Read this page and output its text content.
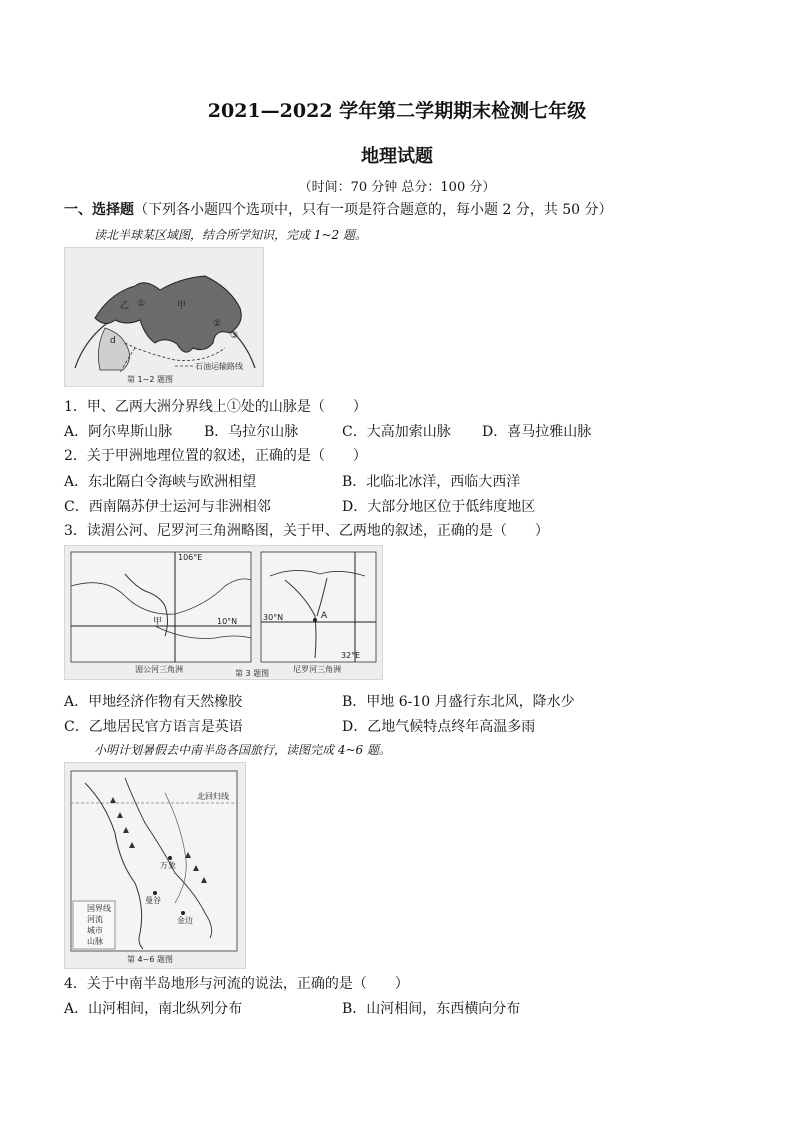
2021—2022 学年第二学期期末检测七年级
地理试题
（时间：70 分钟 总分：100 分）
一、选择题（下列各小题四个选项中，只有一项是符合题意的，每小题 2 分，共 50 分）
读北半球某区域图，结合所学知识，完成 1~2 题。
甲
乙 ①
②
③
d
石油运输路线
第 1~2 题图
1．甲、乙两大洲分界线上①处的山脉是（　　）
A．阿尔卑斯山脉 B．乌拉尔山脉	C．大高加索山脉 D．喜马拉雅山脉
2．关于甲洲地理位置的叙述，正确的是（　　）
A．东北隔白令海峡与欧洲相望	B．北临北冰洋，西临大西洋
C．西南隔苏伊士运河与非洲相邻	D．大部分地区位于低纬度地区
3．读湄公河、尼罗河三角洲略图，关于甲、乙两地的叙述，正确的是（　　）
106°E
10°N
甲
湄公河三角洲
30°N
32°E
A
尼罗河三角洲
第 3 题图
A．甲地经济作物有天然橡胶	B．甲地 6-10 月盛行东北风，降水少
C．乙地居民官方语言是英语	D．乙地气候特点终年高温多雨
小明计划暑假去中南半岛各国旅行，读图完成 4~6 题。
北回归线
万象
曼谷
金边
国界线
河流
城市
山脉
第 4~6 题图
4．关于中南半岛地形与河流的说法，正确的是（　　）
A．山河相间，南北纵列分布	B．山河相间，东西横向分布
